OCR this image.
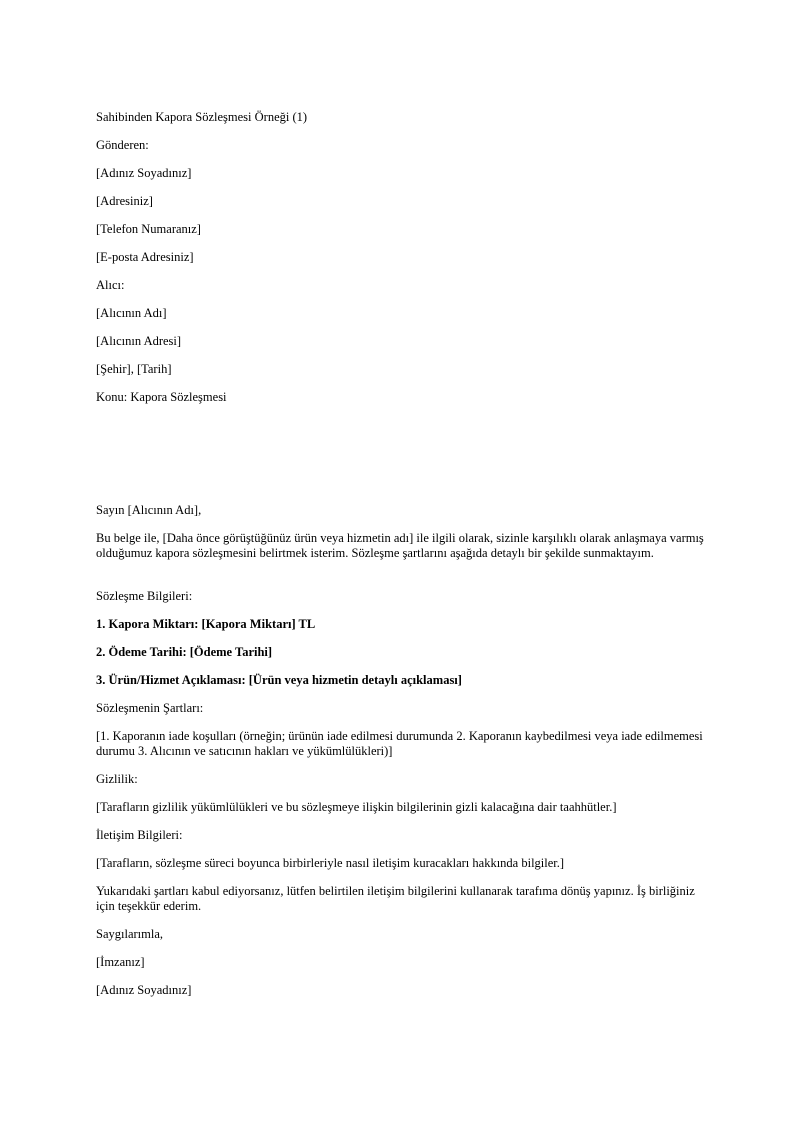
Sahibinden Kapora Sözleşmesi Örneği (1)
Gönderen:
[Adınız Soyadınız]
[Adresiniz]
[Telefon Numaranız]
[E-posta Adresiniz]
Alıcı:
[Alıcının Adı]
[Alıcının Adresi]
[Şehir], [Tarih]
Konu: Kapora Sözleşmesi
Sayın [Alıcının Adı],
Bu belge ile, [Daha önce görüştüğünüz ürün veya hizmetin adı] ile ilgili olarak, sizinle karşılıklı olarak anlaşmaya varmış olduğumuz kapora sözleşmesini belirtmek isterim. Sözleşme şartlarını aşağıda detaylı bir şekilde sunmaktayım.
Sözleşme Bilgileri:
1. Kapora Miktarı: [Kapora Miktarı] TL
2. Ödeme Tarihi: [Ödeme Tarihi]
3. Ürün/Hizmet Açıklaması: [Ürün veya hizmetin detaylı açıklaması]
Sözleşmenin Şartları:
[1. Kaporanın iade koşulları (örneğin; ürünün iade edilmesi durumunda 2. Kaporanın kaybedilmesi veya iade edilmemesi durumu 3. Alıcının ve satıcının hakları ve yükümlülükleri)]
Gizlilik:
[Tarafların gizlilik yükümlülükleri ve bu sözleşmeye ilişkin bilgilerinin gizli kalacağına dair taahhütler.]
İletişim Bilgileri:
[Tarafların, sözleşme süreci boyunca birbirleriyle nasıl iletişim kuracakları hakkında bilgiler.]
Yukarıdaki şartları kabul ediyorsanız, lütfen belirtilen iletişim bilgilerini kullanarak tarafıma dönüş yapınız. İş birliğiniz için teşekkür ederim.
Saygılarımla,
[İmzanız]
[Adınız Soyadınız]
